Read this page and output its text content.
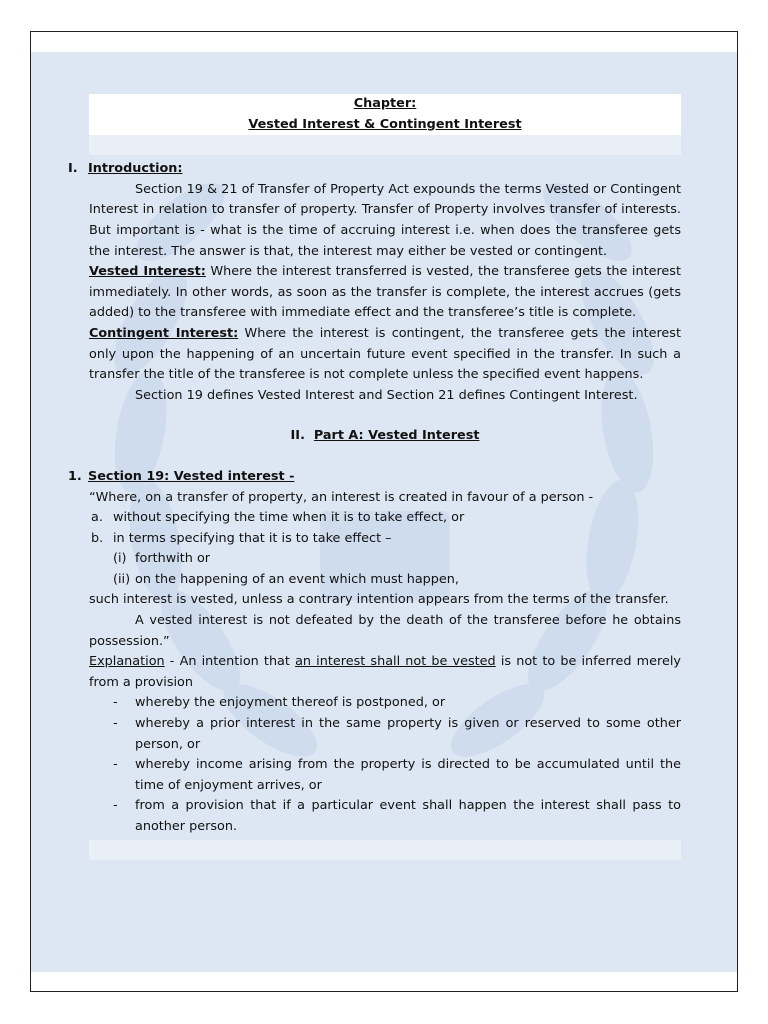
Chapter:
Vested Interest & Contingent Interest
I. Introduction:

Section 19 & 21 of Transfer of Property Act expounds the terms Vested or Contingent Interest in relation to transfer of property. Transfer of Property involves transfer of interests. But important is - what is the time of accruing interest i.e. when does the transferee gets the interest. The answer is that, the interest may either be vested or contingent.

Vested Interest: Where the interest transferred is vested, the transferee gets the interest immediately. In other words, as soon as the transfer is complete, the interest accrues (gets added) to the transferee with immediate effect and the transferee’s title is complete.

Contingent Interest: Where the interest is contingent, the transferee gets the interest only upon the happening of an uncertain future event specified in the transfer. In such a transfer the title of the transferee is not complete unless the specified event happens.

Section 19 defines Vested Interest and Section 21 defines Contingent Interest.

II. Part A: Vested Interest
1. Section 19: Vested interest -

“Where, on a transfer of property, an interest is created in favour of a person -

a. without specifying the time when it is to take effect, or
b. in terms specifying that it is to take effect –
(i) forthwith or
(ii) on the happening of an event which must happen,

such interest is vested, unless a contrary intention appears from the terms of the transfer.

A vested interest is not defeated by the death of the transferee before he obtains possession.”

Explanation - An intention that an interest shall not be vested is not to be inferred merely from a provision

- whereby the enjoyment thereof is postponed, or
- whereby a prior interest in the same property is given or reserved to some other person, or
- whereby income arising from the property is directed to be accumulated until the time of enjoyment arrives, or
- from a provision that if a particular event shall happen the interest shall pass to another person.
